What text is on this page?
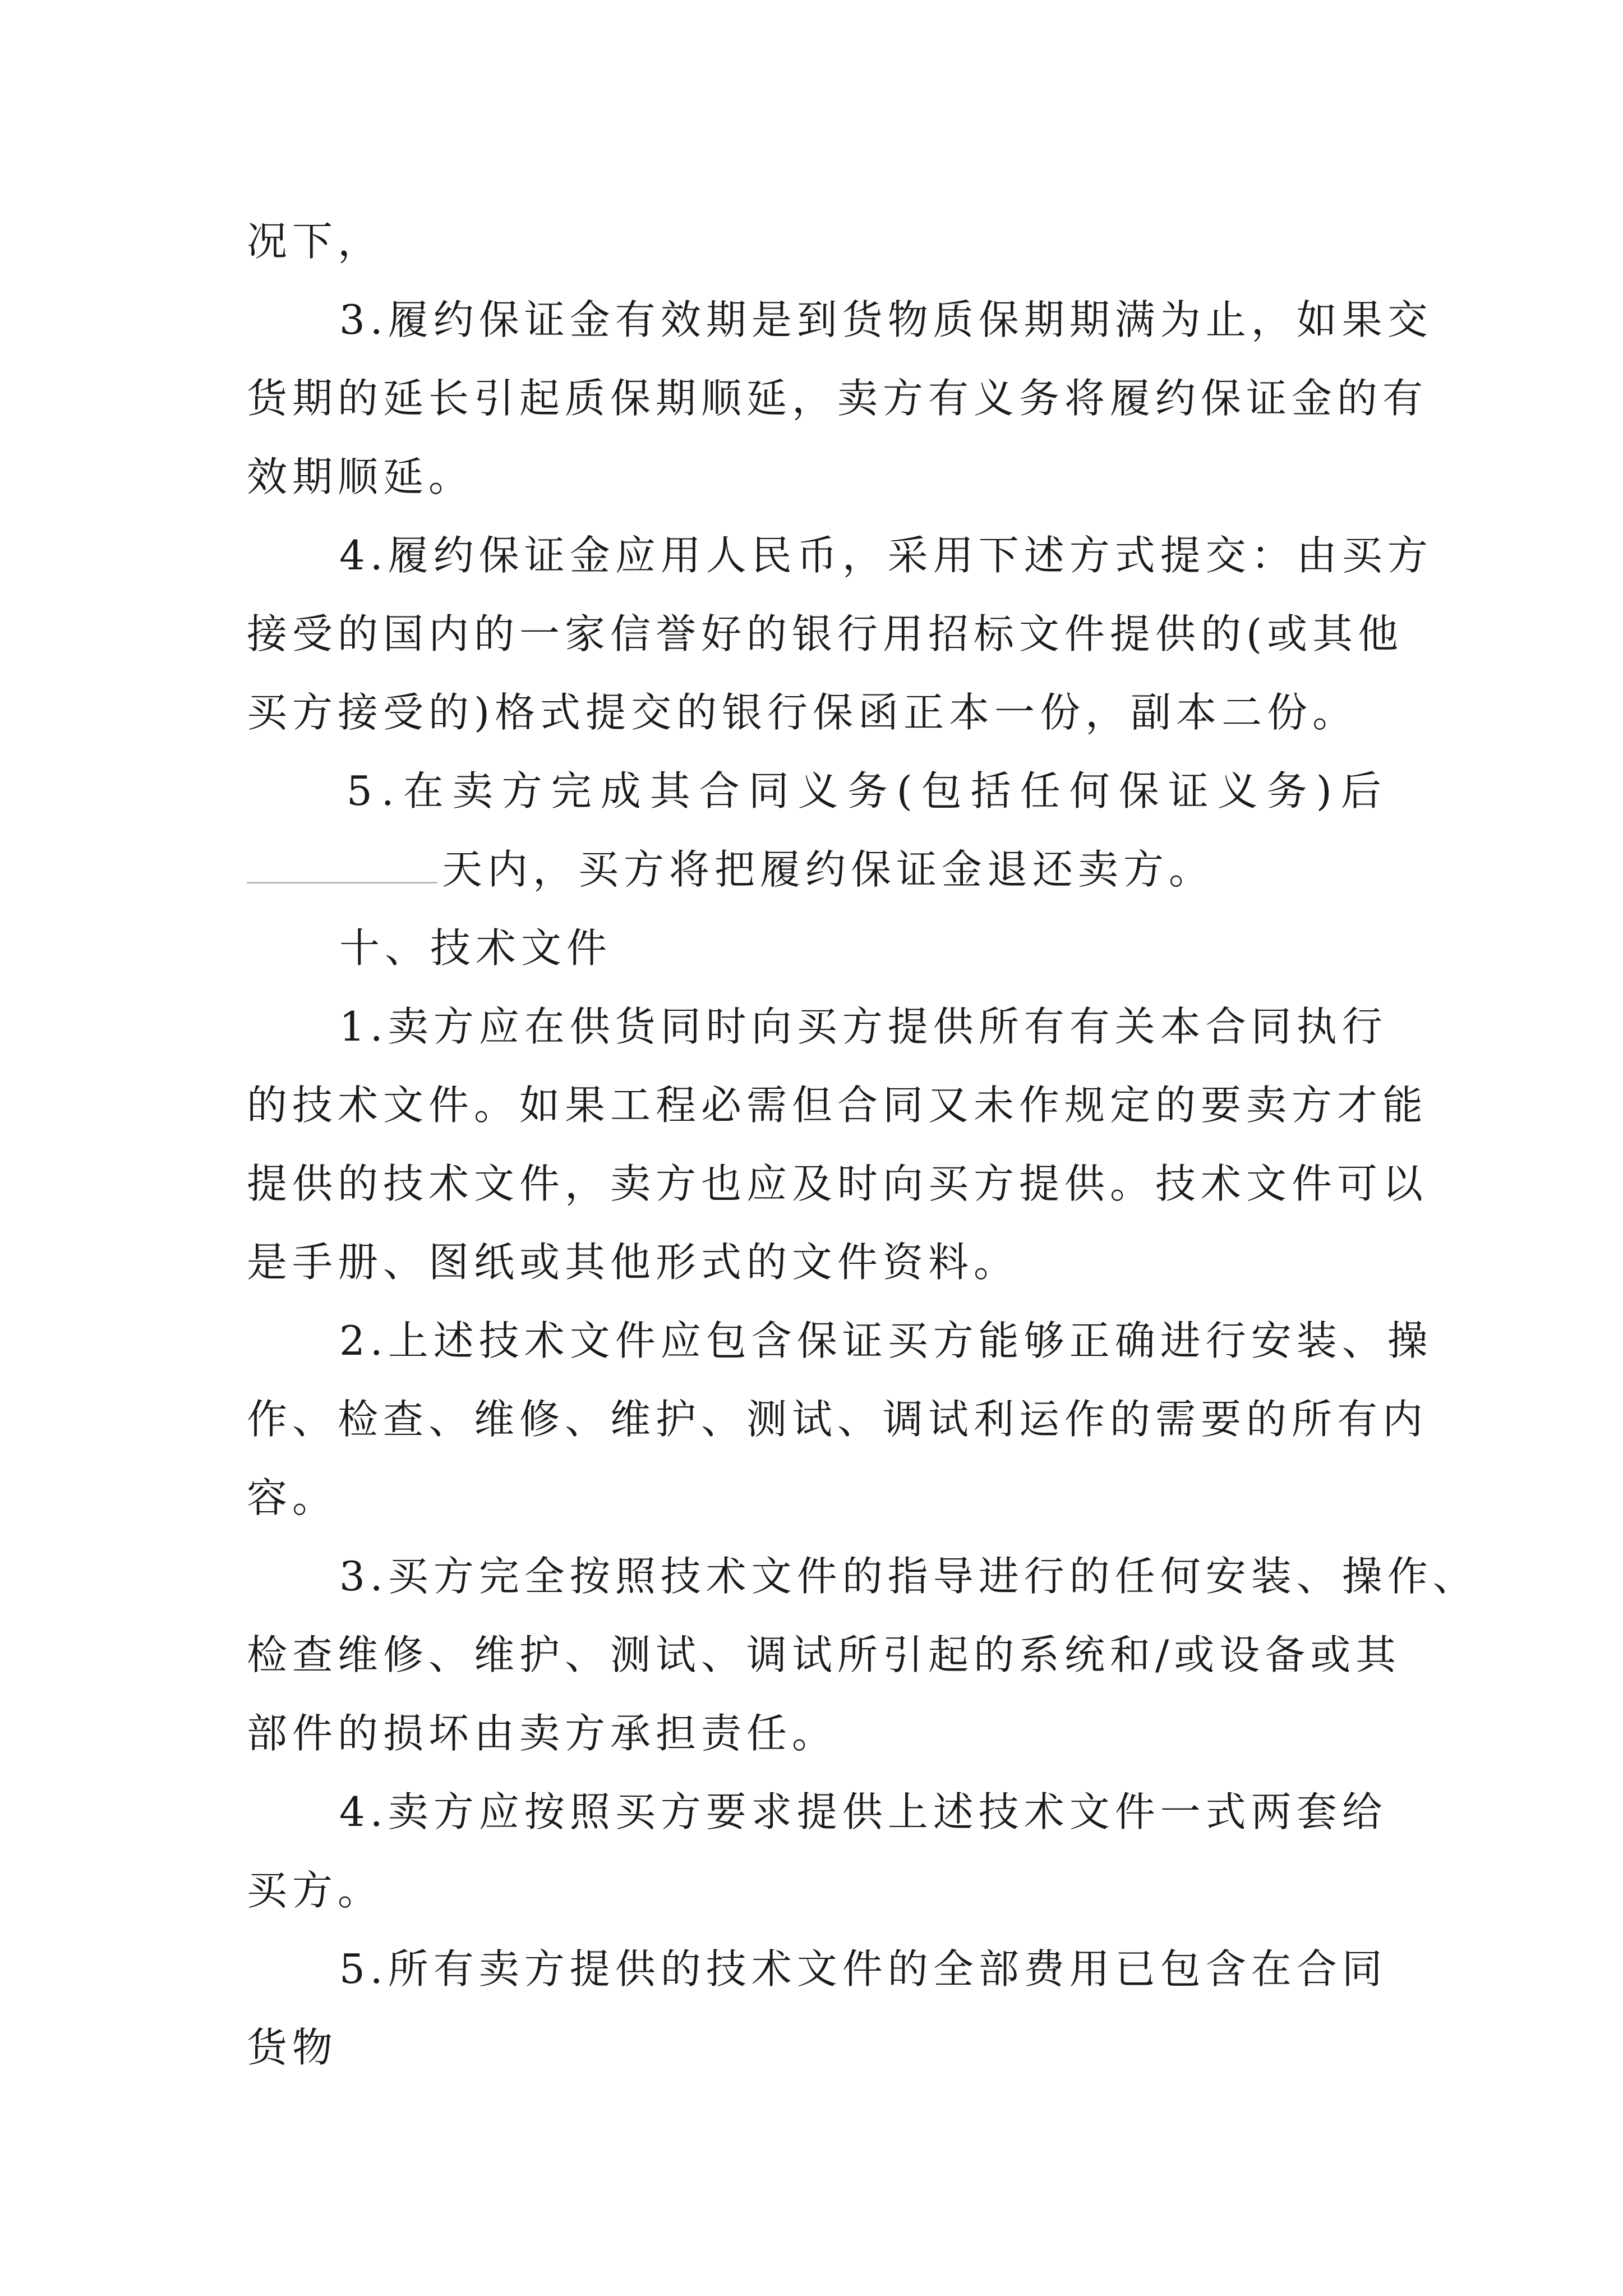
况下，

3.履约保证金有效期是到货物质保期期满为止，如果交

货期的延长引起质保期顺延，卖方有义务将履约保证金的有

效期顺延。

4.履约保证金应用人民币，采用下述方式提交：由买方

接受的国内的一家信誉好的银行用招标文件提供的(或其他

买方接受的)格式提交的银行保函正本一份，副本二份。

5.在卖方完成其合同义务(包括任何保证义务)后

天内，买方将把履约保证金退还卖方。

十、技术文件

1.卖方应在供货同时向买方提供所有有关本合同执行

的技术文件。如果工程必需但合同又未作规定的要卖方才能

提供的技术文件，卖方也应及时向买方提供。技术文件可以

是手册、图纸或其他形式的文件资料。

2.上述技术文件应包含保证买方能够正确进行安装、操

作、检查、维修、维护、测试、调试利运作的需要的所有内

容。

3.买方完全按照技术文件的指导进行的任何安装、操作、

检查维修、维护、测试、调试所引起的系统和/或设备或其

部件的损坏由卖方承担责任。

4.卖方应按照买方要求提供上述技术文件一式两套给

买方。

5.所有卖方提供的技术文件的全部费用已包含在合同

货物
